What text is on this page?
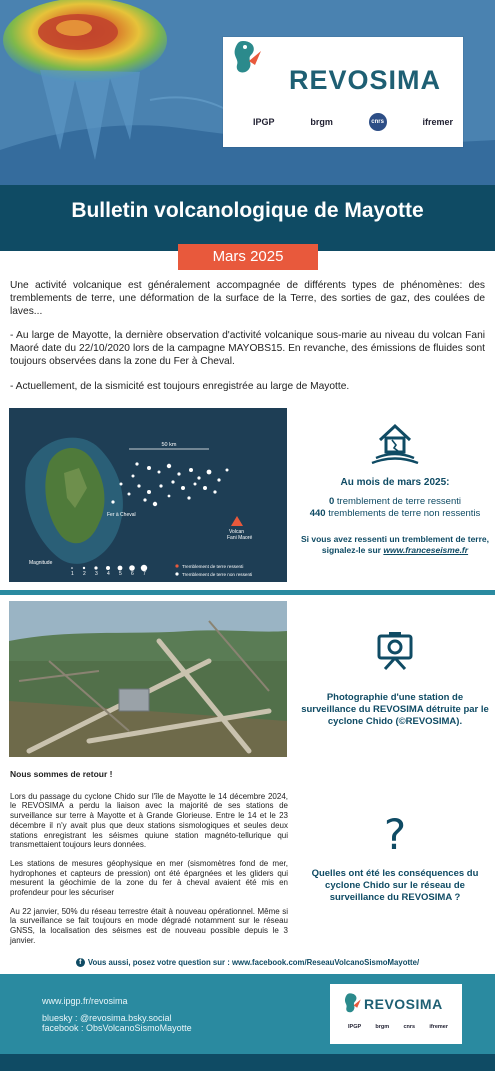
REVOSIMA
IPGP	brgm	cnrs	ifremer
Bulletin volcanologique de Mayotte
Mars 2025

Une activité volcanique est généralement accompagnée de différents types de phénomènes: des tremblements de terre, une déformation de la surface de la Terre, des sorties de gaz, des coulées de laves...

- Au large de Mayotte, la dernière observation d'activité volcanique sous-marie au niveau du volcan Fani Maoré date du 22/10/2020 lors de la campagne MAYOBS15. En revanche, des émissions de fluides sont toujours observées dans la zone du Fer à Cheval.

- Actuellement, de la sismicité est toujours enregistrée au large de Mayotte.

50 km
Fer à Cheval
Volcan Fani Maoré
Magnitude
1 2 3 4 5 6 7
Tremblement de terre ressenti
Tremblement de terre non ressenti
Au mois de mars 2025:
0 tremblement de terre ressenti
440 tremblements de terre non ressentis
Si vous avez ressenti un tremblement de terre, signalez-le sur www.franceseisme.fr
Photographie d'une station de surveillance du REVOSIMA détruite par le cyclone Chido (©REVOSIMA).
Nous sommes de retour !

Lors du passage du cyclone Chido sur l'île de Mayotte le 14 décembre 2024, le REVOSIMA a perdu la liaison avec la majorité de ses stations de surveillance sur terre à Mayotte et à Grande Glorieuse. Entre le 14 et le 23 décembre il n'y avait plus que deux stations sismologiques et seules deux stations enregistrant les séismes quiune station magnéto-tellurique qui transmettaient toujours leurs données.

Les stations de mesures géophysique en mer (sismomètres fond de mer, hydrophones et capteurs de pression) ont été épargnées et les gliders qui mesurent la géochimie de la zone du fer à cheval avaient été mis en profendeur pour les sécuriser

Au 22 janvier, 50% du réseau terrestre était à nouveau opérationnel. Même si la surveillance se fait toujours en mode dégradé notamment sur le réseau GNSS, la localisation des séismes est de nouveau possible depuis le 3 janvier.

?
Quelles ont été les conséquences du cyclone Chido sur le réseau de surveillance du REVOSIMA ?
f Vous aussi, posez votre question sur : www.facebook.com/ReseauVolcanoSismoMayotte/
www.ipgp.fr/revosima
bluesky : @revosima.bsky.social
facebook : ObsVolcanoSismoMayotte
REVOSIMA
IPGP	brgm	cnrs	ifremer
